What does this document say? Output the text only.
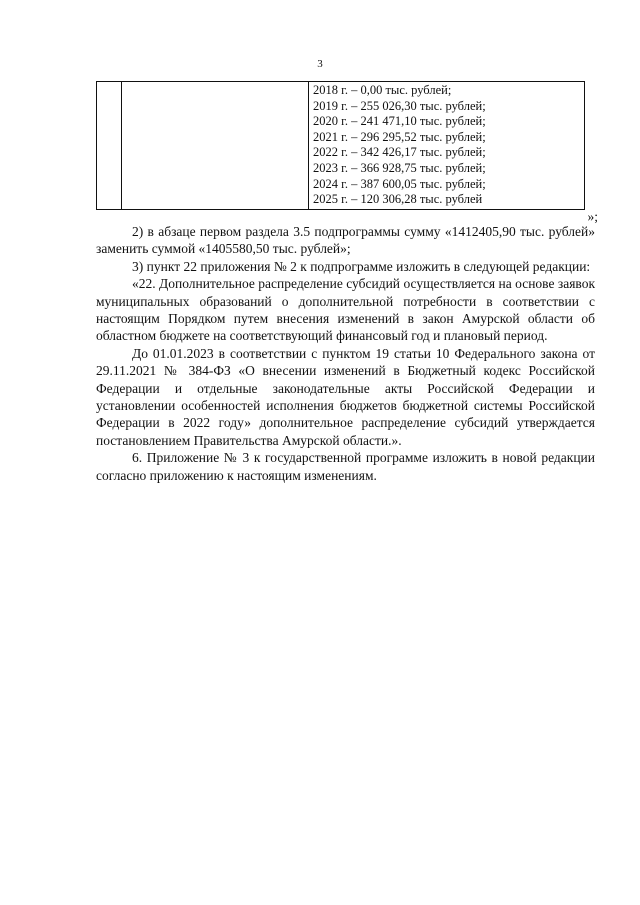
3

2018 г. – 0,00 тыс. рублей;
2019 г. – 255 026,30 тыс. рублей;
2020 г. – 241 471,10 тыс. рублей;
2021 г. – 296 295,52 тыс. рублей;
2022 г. – 342 426,17 тыс. рублей;
2023 г. – 366 928,75 тыс. рублей;
2024 г. – 387 600,05 тыс. рублей;
2025 г. – 120 306,28 тыс. рублей
»;

2) в абзаце первом раздела 3.5 подпрограммы сумму «1412405,90 тыс. рублей» заменить суммой «1405580,50 тыс. рублей»;

3) пункт 22 приложения № 2 к подпрограмме изложить в следующей редакции:

«22. Дополнительное распределение субсидий осуществляется на основе заявок муниципальных образований о дополнительной потребности в соответствии с настоящим Порядком путем внесения изменений в закон Амурской области об областном бюджете на соответствующий финансовый год и плановый период.

До 01.01.2023 в соответствии с пунктом 19 статьи 10 Федерального закона от 29.11.2021 № 384-ФЗ «О внесении изменений в Бюджетный кодекс Российской Федерации и отдельные законодательные акты Российской Федерации и установлении особенностей исполнения бюджетов бюджетной системы Российской Федерации в 2022 году» дополнительное распределение субсидий утверждается постановлением Правительства Амурской области.».

6. Приложение № 3 к государственной программе изложить в новой редакции согласно приложению к настоящим изменениям.
